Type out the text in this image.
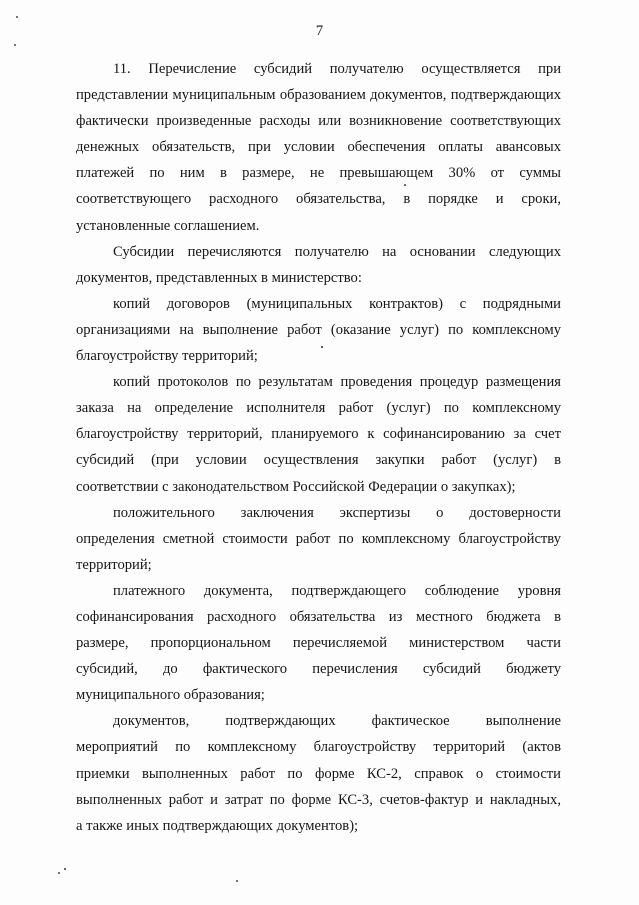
7
11. Перечисление субсидий получателю осуществляется при
представлении муниципальным образованием документов, подтверждающих
фактически произведенные расходы или возникновение соответствующих
денежных обязательств, при условии обеспечения оплаты авансовых
платежей по ним в размере, не превышающем 30% от суммы
соответствующего расходного обязательства, в порядке и сроки,
установленные соглашением.
Субсидии перечисляются получателю на основании следующих
документов, представленных в министерство:
копий договоров (муниципальных контрактов) с подрядными
организациями на выполнение работ (оказание услуг) по комплексному
благоустройству территорий;
копий протоколов по результатам проведения процедур размещения
заказа на определение исполнителя работ (услуг) по комплексному
благоустройству территорий, планируемого к софинансированию за счет
субсидий (при условии осуществления закупки работ (услуг) в
соответствии с законодательством Российской Федерации о закупках);
положительного заключения экспертизы о достоверности
определения сметной стоимости работ по комплексному благоустройству
территорий;
платежного документа, подтверждающего соблюдение уровня
софинансирования расходного обязательства из местного бюджета в
размере, пропорциональном перечисляемой министерством части
субсидий, до фактического перечисления субсидий бюджету
муниципального образования;
документов, подтверждающих фактическое выполнение
мероприятий по комплексному благоустройству территорий (актов
приемки выполненных работ по форме КС-2, справок о стоимости
выполненных работ и затрат по форме КС-3, счетов-фактур и накладных,
а также иных подтверждающих документов);
